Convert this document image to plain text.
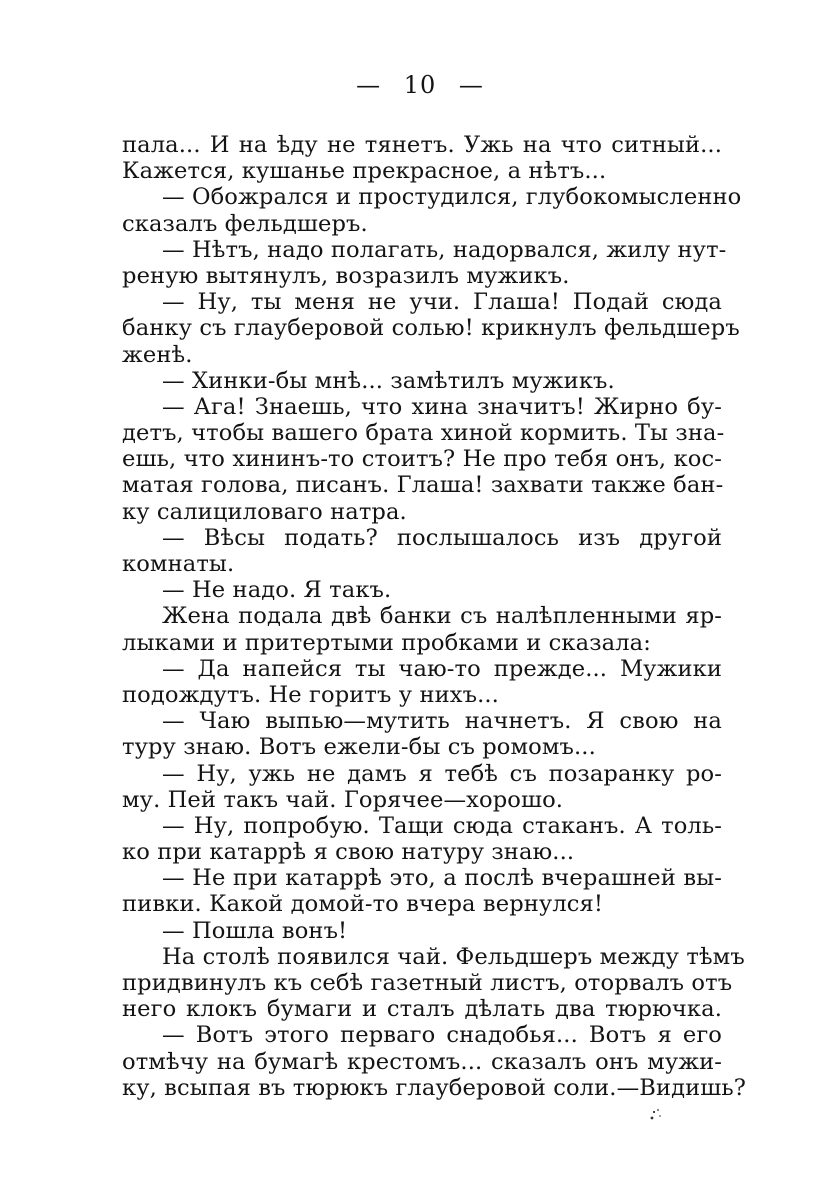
— 10 —
пала... И на ѣду не тянетъ. Ужь на что ситный...
Кажется, кушанье прекрасное, а нѣтъ...
— Обожрался и простудился, глубокомысленно
сказалъ фельдшеръ.
— Нѣтъ, надо полагать, надорвался, жилу нут-
реную вытянулъ, возразилъ мужикъ.
— Ну, ты меня не учи. Глаша! Подай сюда
банку съ глауберовой солью! крикнулъ фельдшеръ
женѣ.
— Хинки-бы мнѣ... замѣтилъ мужикъ.
— Ага! Знаешь, что хина значитъ! Жирно бу-
детъ, чтобы вашего брата хиной кормить. Ты зна-
ешь, что хининъ-то стоитъ? Не про тебя онъ, кос-
матая голова, писанъ. Глаша! захвати также бан-
ку салициловаго натра.
— Вѣсы подать? послышалось изъ другой
комнаты.
— Не надо. Я такъ.
Жена подала двѣ банки съ налѣпленными яр-
лыками и притертыми пробками и сказала:
— Да напейся ты чаю-то прежде... Мужики
подождутъ. Не горитъ у нихъ...
— Чаю выпью—мутить начнетъ. Я свою на
туру знаю. Вотъ ежели-бы съ ромомъ...
— Ну, ужь не дамъ я тебѣ съ позаранку ро-
му. Пей такъ чай. Горячее—хорошо.
— Ну, попробую. Тащи сюда стаканъ. А толь-
ко при катаррѣ я свою натуру знаю...
— Не при катаррѣ это, а послѣ вчерашней вы-
пивки. Какой домой-то вчера вернулся!
— Пошла вонъ!
На столѣ появился чай. Фельдшеръ между тѣмъ
придвинулъ къ себѣ газетный листъ, оторвалъ отъ
него клокъ бумаги и сталъ дѣлать два тюрючка.
— Вотъ этого перваго снадобья... Вотъ я его
отмѣчу на бумагѣ крестомъ... сказалъ онъ мужи-
ку, всыпая въ тюрюкъ глауберовой соли.—Видишь?
